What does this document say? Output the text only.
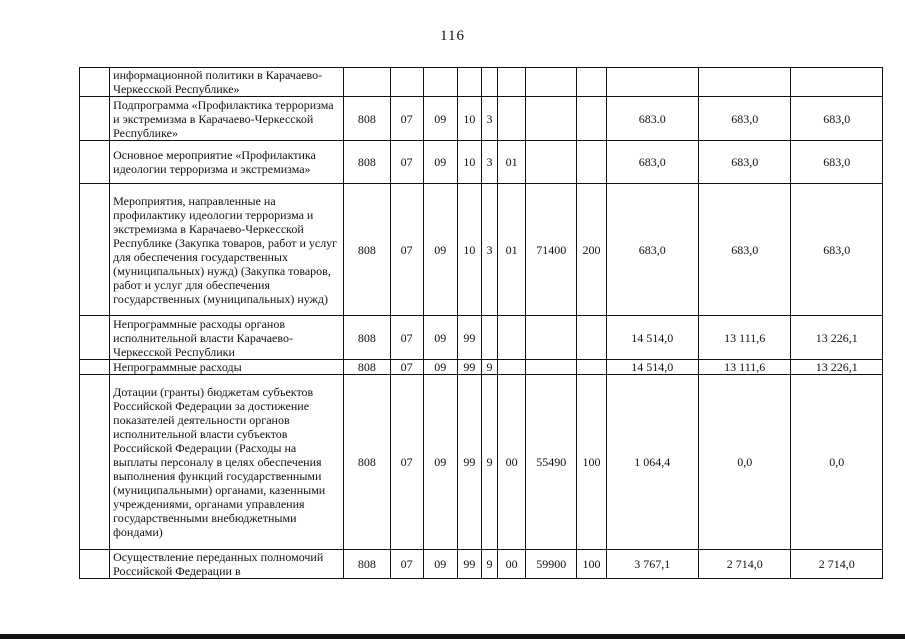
116
	информационной политики в Карачаево-Черкесской Республике»											
	Подпрограмма «Профилактика терроризма и экстремизма в Карачаево-Черкесской Республике»	808	07	09	10	3				683.0	683,0	683,0
	Основное мероприятие «Профилактика идеологии терроризма и экстремизма»	808	07	09	10	3	01			683,0	683,0	683,0
	Мероприятия, направленные на профилактику идеологии терроризма и экстремизма в Карачаево-Черкесской Республике (Закупка товаров, работ и услуг для обеспечения государственных (муниципальных) нужд) (Закупка товаров, работ и услуг для обеспечения государственных (муниципальных) нужд)	808	07	09	10	3	01	71400	200	683,0	683,0	683,0
	Непрограммные расходы органов исполнительной власти Карачаево-Черкесской Республики	808	07	09	99					14 514,0	13 111,6	13 226,1
	Непрограммные расходы	808	07	09	99	9				14 514,0	13 111,6	13 226,1
	Дотации (гранты) бюджетам субъектов Российской Федерации за достижение показателей деятельности органов исполнительной власти субъектов Российской Федерации (Расходы на выплаты персоналу в целях обеспечения выполнения функций государственными (муниципальными) органами, казенными учреждениями, органами управления государственными внебюджетными фондами)	808	07	09	99	9	00	55490	100	1 064,4	0,0	0,0
	Осуществление переданных полномочий Российской Федерации в	808	07	09	99	9	00	59900	100	3 767,1	2 714,0	2 714,0
